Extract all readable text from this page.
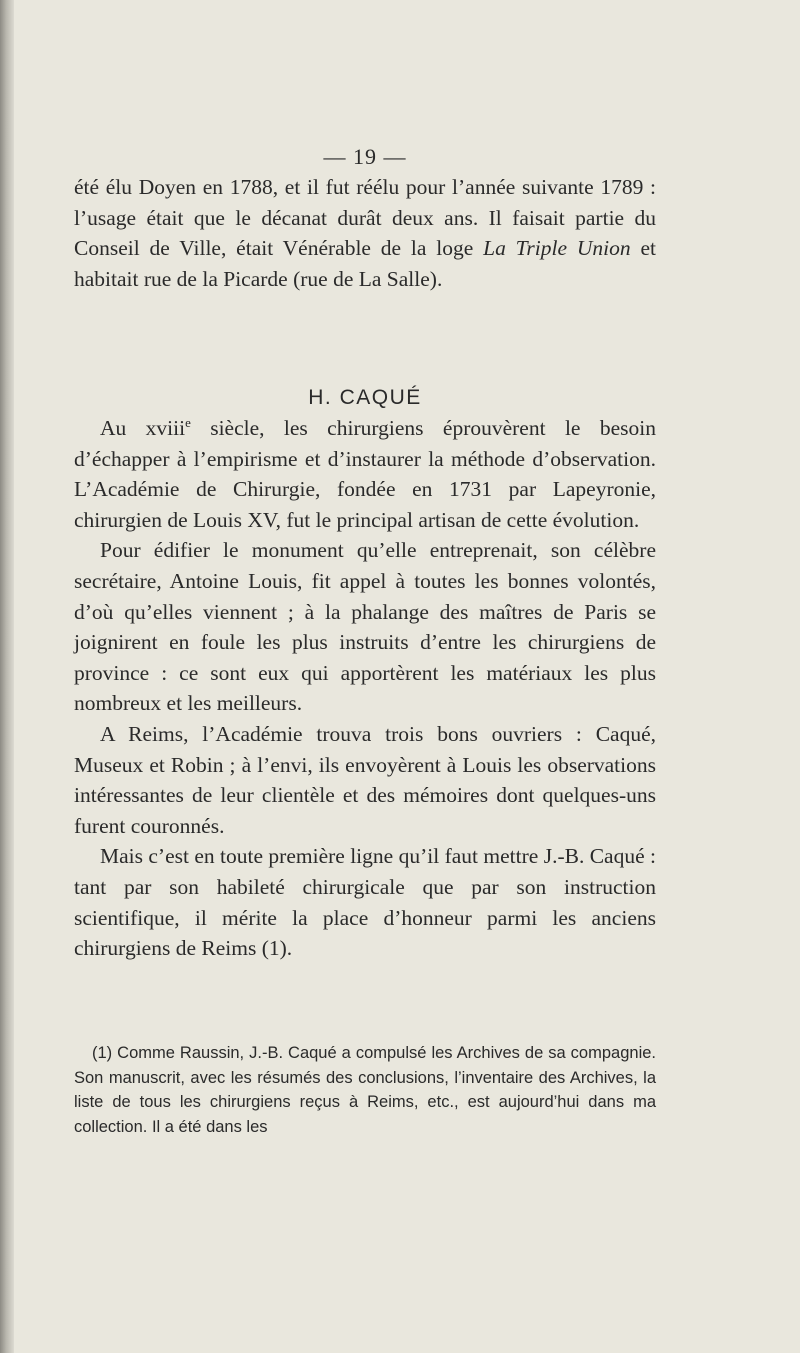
— 19 —

été élu Doyen en 1788, et il fut réélu pour l’année suivante 1789 : l’usage était que le décanat durât deux ans. Il faisait partie du Conseil de Ville, était Vénérable de la loge La Triple Union et habitait rue de la Picarde (rue de La Salle).

H. CAQUÉ

Au xviii$^e$ siècle, les chirurgiens éprouvèrent le besoin d’échapper à l’empirisme et d’instaurer la méthode d’observation. L’Académie de Chirurgie, fondée en 1731 par Lapeyronie, chirurgien de Louis XV, fut le principal artisan de cette évolution.

Pour édifier le monument qu’elle entreprenait, son célèbre secrétaire, Antoine Louis, fit appel à toutes les bonnes volontés, d’où qu’elles viennent ; à la phalange des maîtres de Paris se joignirent en foule les plus instruits d’entre les chirurgiens de province : ce sont eux qui apportèrent les matériaux les plus nombreux et les meilleurs.

A Reims, l’Académie trouva trois bons ouvriers : Caqué, Museux et Robin ; à l’envi, ils envoyèrent à Louis les observations intéressantes de leur clientèle et des mémoires dont quelques-uns furent couronnés.

Mais c’est en toute première ligne qu’il faut mettre J.-B. Caqué : tant par son habileté chirurgicale que par son instruction scientifique, il mérite la place d’honneur parmi les anciens chirurgiens de Reims (1).

(1) Comme Raussin, J.-B. Caqué a compulsé les Archives de sa compagnie. Son manuscrit, avec les résumés des conclusions, l’inventaire des Archives, la liste de tous les chirurgiens reçus à Reims, etc., est aujourd’hui dans ma collection. Il a été dans les
